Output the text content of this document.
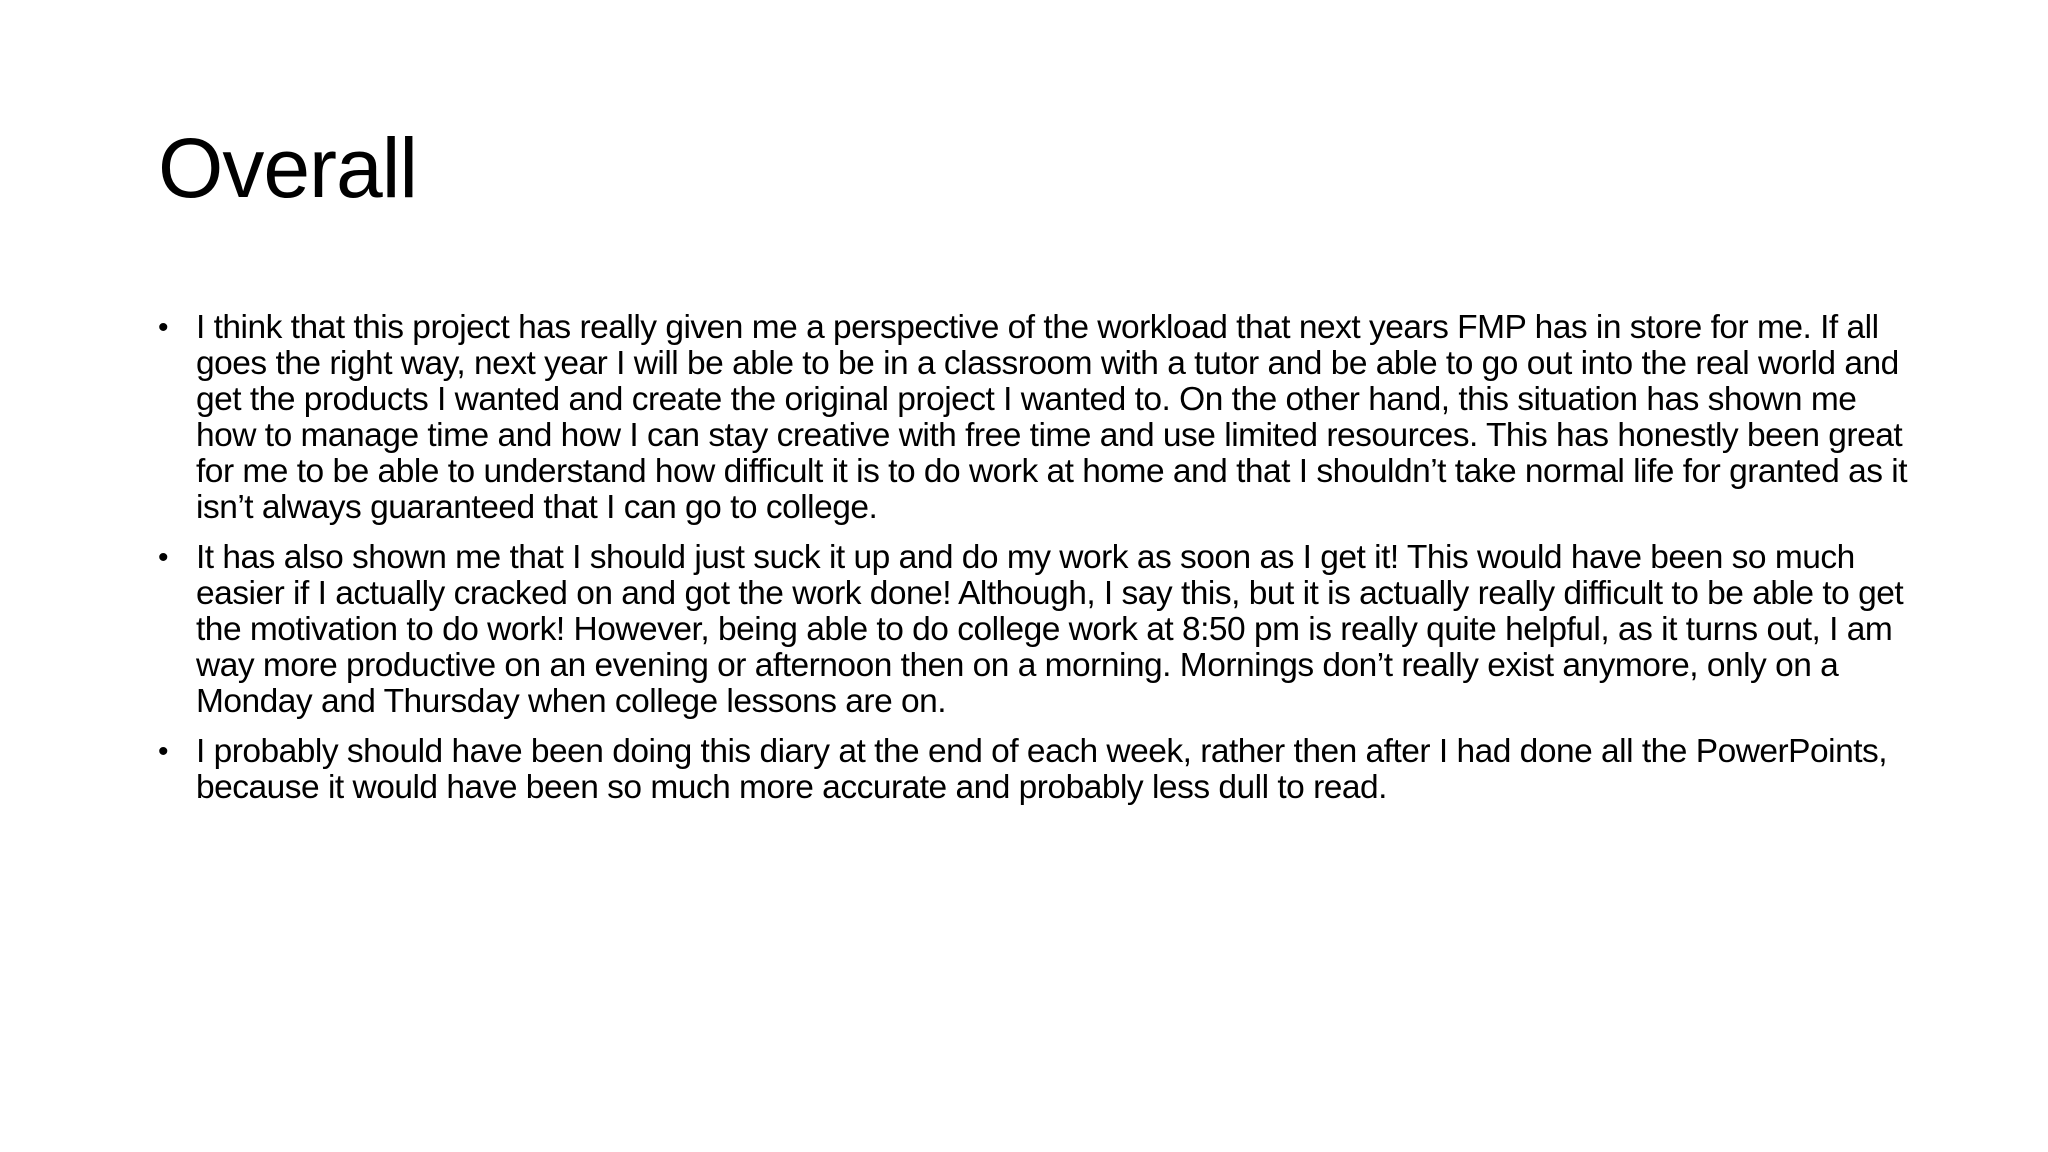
Overall
• I think that this project has really given me a perspective of the workload that next years FMP has in store for me. If all goes the right way, next year I will be able to be in a classroom with a tutor and be able to go out into the real world and get the products I wanted and create the original project I wanted to. On the other hand, this situation has shown me how to manage time and how I can stay creative with free time and use limited resources. This has honestly been great for me to be able to understand how difficult it is to do work at home and that I shouldn’t take normal life for granted as it isn’t always guaranteed that I can go to college.
• It has also shown me that I should just suck it up and do my work as soon as I get it! This would have been so much easier if I actually cracked on and got the work done! Although, I say this, but it is actually really difficult to be able to get the motivation to do work! However, being able to do college work at 8:50 pm is really quite helpful, as it turns out, I am way more productive on an evening or afternoon then on a morning. Mornings don’t really exist anymore, only on a Monday and Thursday when college lessons are on.
• I probably should have been doing this diary at the end of each week, rather then after I had done all the PowerPoints, because it would have been so much more accurate and probably less dull to read.
